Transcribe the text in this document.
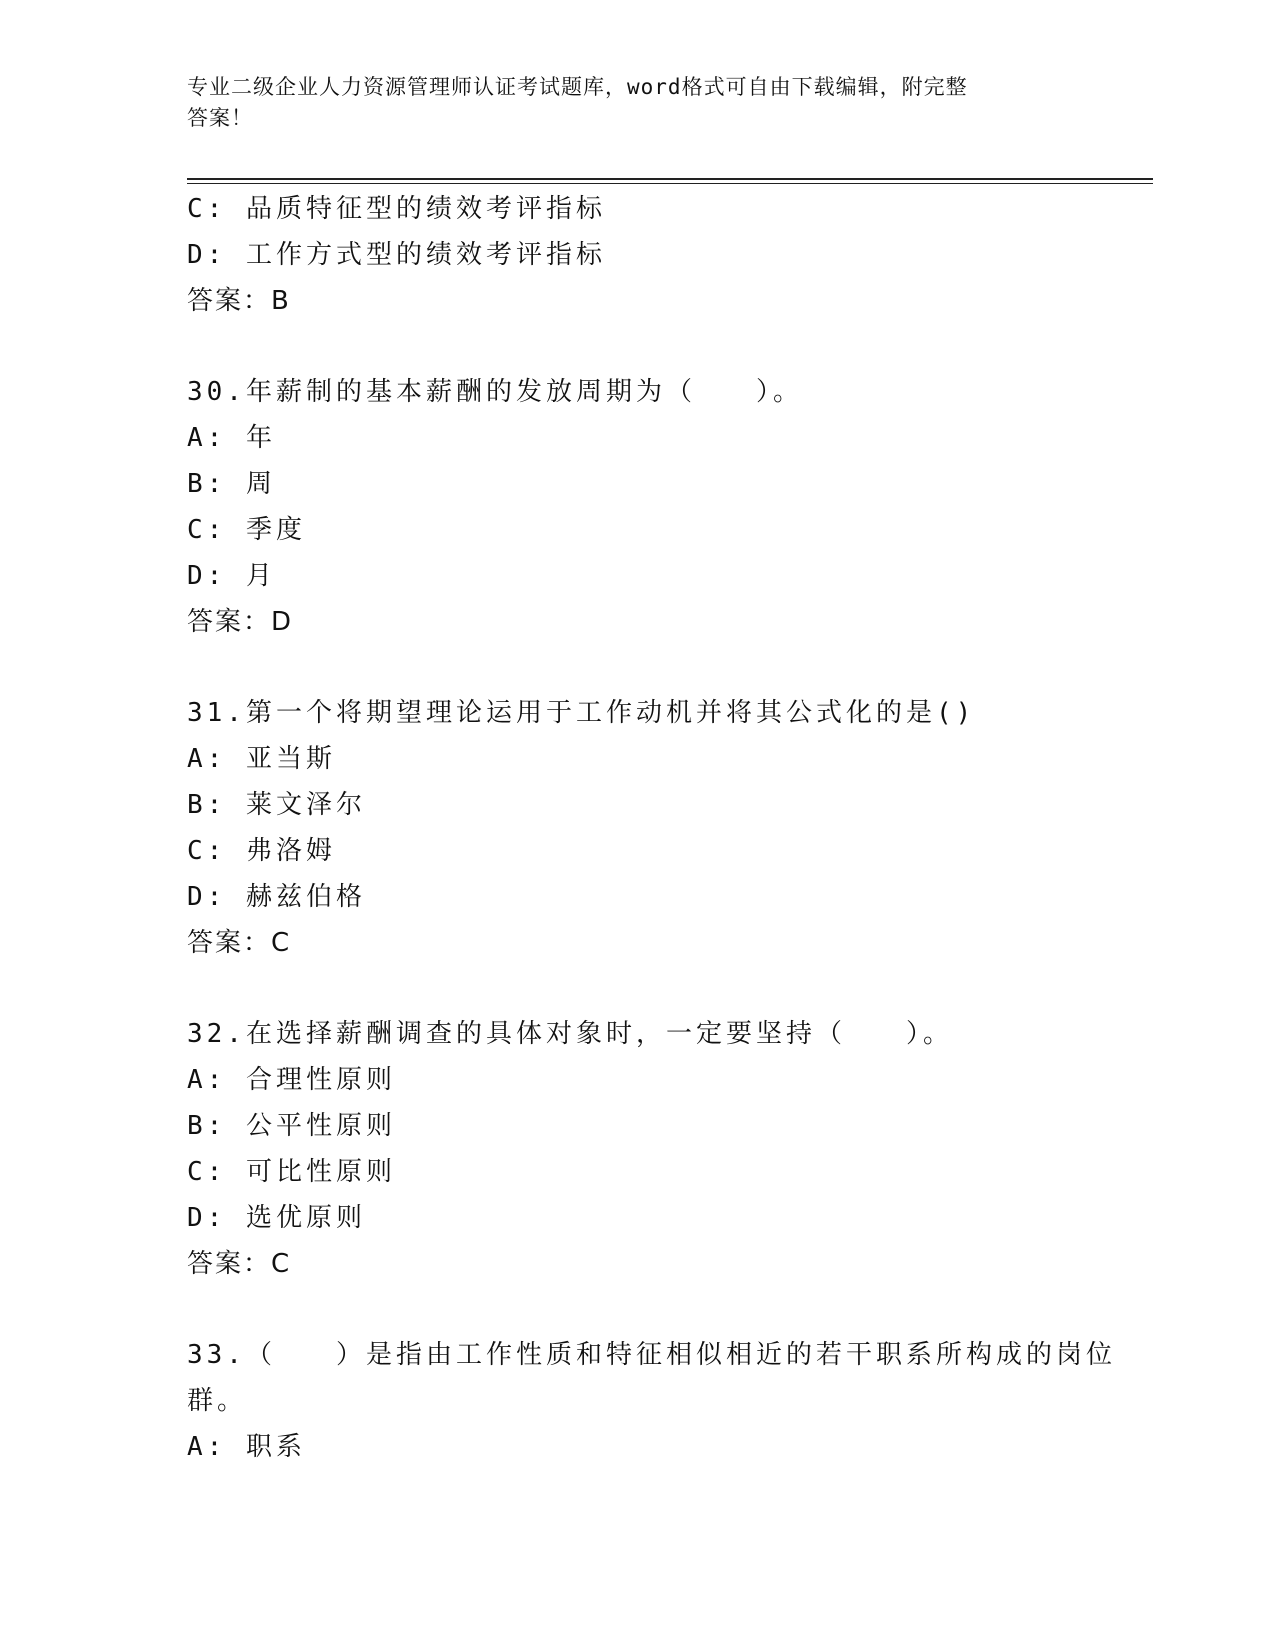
专业二级企业人力资源管理师认证考试题库，word格式可自由下载编辑，附完整
答案！
C: 品质特征型的绩效考评指标
D: 工作方式型的绩效考评指标
答案：B
30.年薪制的基本薪酬的发放周期为（　　）。
A: 年
B: 周
C: 季度
D: 月
答案：D
31.第一个将期望理论运用于工作动机并将其公式化的是()
A: 亚当斯
B: 莱文泽尔
C: 弗洛姆
D: 赫兹伯格
答案：C
32.在选择薪酬调查的具体对象时，一定要坚持（　　）。
A: 合理性原则
B: 公平性原则
C: 可比性原则
D: 选优原则
答案：C
33.（　　）是指由工作性质和特征相似相近的若干职系所构成的岗位
群。
A: 职系
